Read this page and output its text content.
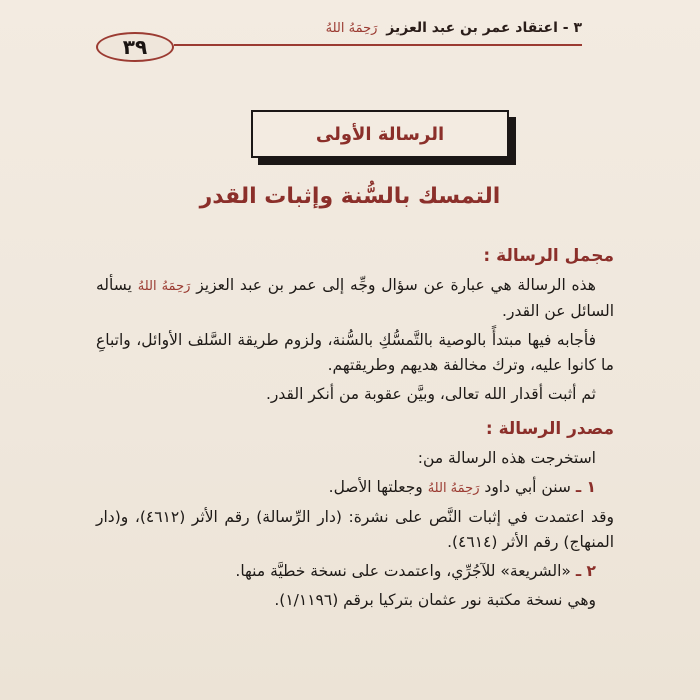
٣ - اعتقاد عمر بن عبد العزيز رَحِمَهُ اللهُ
٣٩
الرسالة الأولى
التمسك بالسُّنة وإثبات القدر
مجمل الرسالة :

هذه الرسالة هي عبارة عن سؤال وجِّه إلى عمر بن عبد العزيز رَحِمَهُ اللهُ يسأله السائل عن القدر.

فأجابه فيها مبتدأً بالوصية بالتَّمسُّكِ بالسُّنة، ولزوم طريقة السَّلف الأوائل، واتباعِ ما كانوا عليه، وترك مخالفة هديهم وطريقتهم.

ثم أثبت أقدار الله تعالى، وبيَّن عقوبة من أنكر القدر.

مصدر الرسالة :

استخرجت هذه الرسالة من:

١ ـ سنن أبي داود رَحِمَهُ اللهُ وجعلتها الأصل.

وقد اعتمدت في إثبات النَّص على نشرة: (دار الرِّسالة) رقم الأثر (٤٦١٢)، و(دار المنهاج) رقم الأثر (٤٦١٤).

٢ ـ «الشريعة» للآجُرِّي، واعتمدت على نسخة خطيَّة منها.

وهي نسخة مكتبة نور عثمان بتركيا برقم (١/١١٩٦).
